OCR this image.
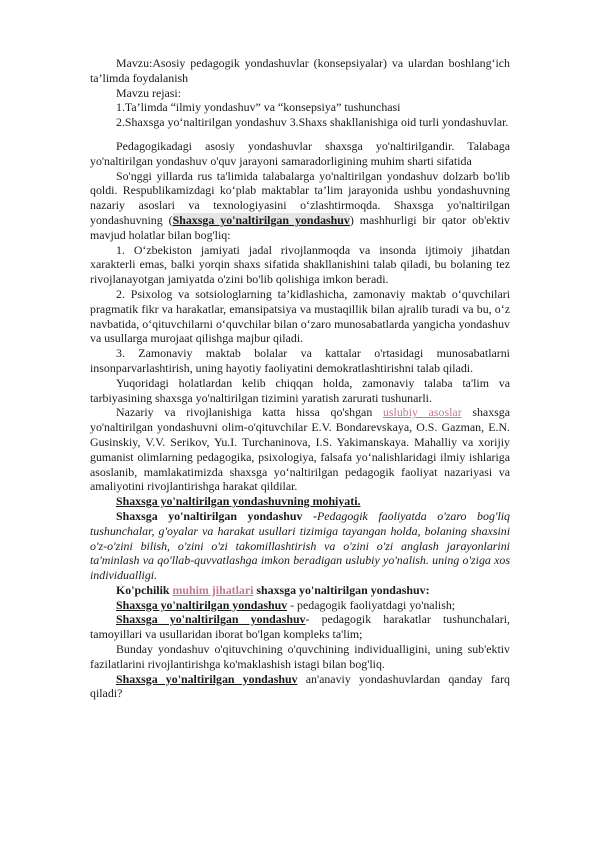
Mavzu:Asosiy pedagogik yondashuvlar (konsepsiyalar) va ulardan boshlang‘ich ta’limda foydalanish

Mavzu rejasi:

1.Ta’limda “ilmiy yondashuv” va “konsepsiya” tushunchasi

2.Shaxsga yo‘naltirilgan yondashuv 3.Shaxs shakllanishiga oid turli yondashuvlar.

Pedagogikadagi asosiy yondashuvlar shaxsga yo'naltirilgandir. Talabaga yo'naltirilgan yondashuv o'quv jarayoni samaradorligining muhim sharti sifatida

So'nggi yillarda rus ta'limida talabalarga yo'naltirilgan yondashuv dolzarb bo'lib qoldi. Respublikamizdagi ko‘plab maktablar ta’lim jarayonida ushbu yondashuvning nazariy asoslari va texnologiyasini o‘zlashtirmoqda. Shaxsga yo'naltirilgan yondashuvning (Shaxsga yo'naltirilgan yondashuv) mashhurligi bir qator ob'ektiv mavjud holatlar bilan bog'liq:

1. O‘zbekiston jamiyati jadal rivojlanmoqda va insonda ijtimoiy jihatdan xarakterli emas, balki yorqin shaxs sifatida shakllanishini talab qiladi, bu bolaning tez rivojlanayotgan jamiyatda o'zini bo'lib qolishiga imkon beradi.

2. Psixolog va sotsiologlarning ta’kidlashicha, zamonaviy maktab o‘quvchilari pragmatik fikr va harakatlar, emansipatsiya va mustaqillik bilan ajralib turadi va bu, o‘z navbatida, o‘qituvchilarni o‘quvchilar bilan o‘zaro munosabatlarda yangicha yondashuv va usullarga murojaat qilishga majbur qiladi.

3. Zamonaviy maktab bolalar va kattalar o'rtasidagi munosabatlarni insonparvarlashtirish, uning hayotiy faoliyatini demokratlashtirishni talab qiladi.

Yuqoridagi holatlardan kelib chiqqan holda, zamonaviy talaba ta'lim va tarbiyasining shaxsga yo'naltirilgan tizimini yaratish zarurati tushunarli.

Nazariy va rivojlanishiga katta hissa qo'shgan uslubiy asoslar shaxsga yo'naltirilgan yondashuvni olim-o'qituvchilar E.V. Bondarevskaya, O.S. Gazman, E.N. Gusinskiy, V.V. Serikov, Yu.I. Turchaninova, I.S. Yakimanskaya. Mahalliy va xorijiy gumanist olimlarning pedagogika, psixologiya, falsafa yo‘nalishlaridagi ilmiy ishlariga asoslanib, mamlakatimizda shaxsga yo‘naltirilgan pedagogik faoliyat nazariyasi va amaliyotini rivojlantirishga harakat qildilar.

Shaxsga yo'naltirilgan yondashuvning mohiyati.

Shaxsga yo'naltirilgan yondashuv -Pedagogik faoliyatda o'zaro bog'liq tushunchalar, g'oyalar va harakat usullari tizimiga tayangan holda, bolaning shaxsini o'z-o'zini bilish, o'zini o'zi takomillashtirish va o'zini o'zi anglash jarayonlarini ta'minlash va qo'llab-quvvatlashga imkon beradigan uslubiy yo'nalish. uning o'ziga xos individualligi.

Ko'pchilik muhim jihatlari shaxsga yo'naltirilgan yondashuv:

Shaxsga yo'naltirilgan yondashuv - pedagogik faoliyatdagi yo'nalish;

Shaxsga yo'naltirilgan yondashuv- pedagogik harakatlar tushunchalari, tamoyillari va usullaridan iborat bo'lgan kompleks ta'lim;

Bunday yondashuv o'qituvchining o'quvchining individualligini, uning sub'ektiv fazilatlarini rivojlantirishga ko'maklashish istagi bilan bog'liq.

Shaxsga yo'naltirilgan yondashuv an'anaviy yondashuvlardan qanday farq qiladi?
